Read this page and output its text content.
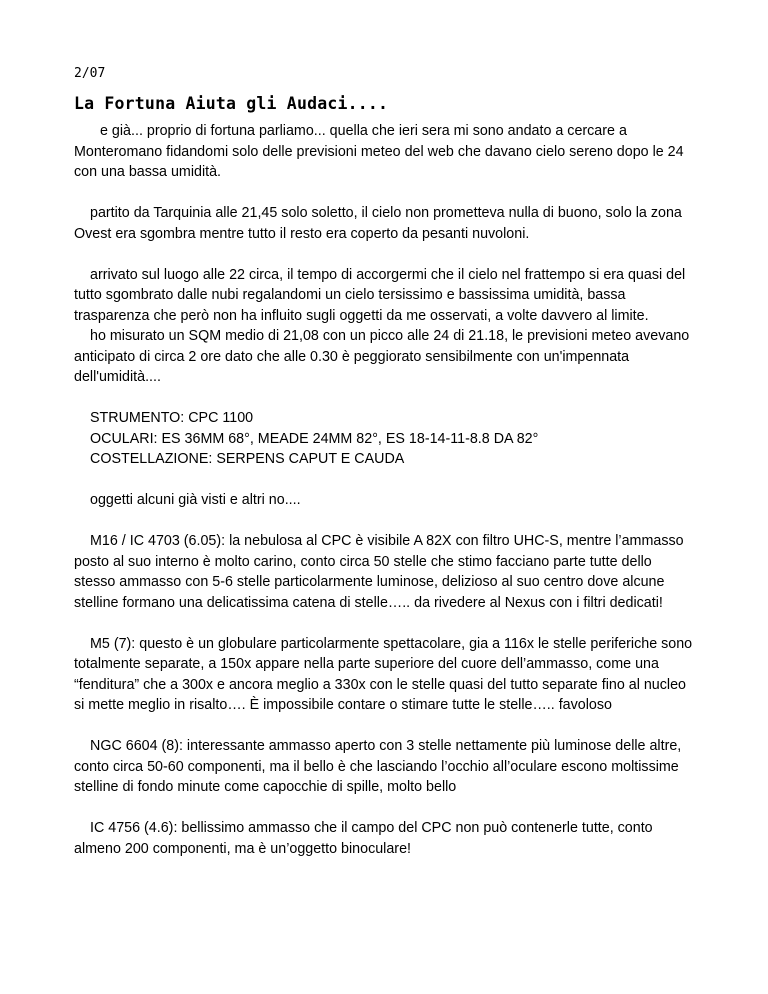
2/07
La Fortuna Aiuta gli Audaci....

e già... proprio di fortuna parliamo... quella che ieri sera mi sono andato a cercare a Monteromano fidandomi solo delle previsioni meteo del web che davano cielo sereno dopo le 24 con una bassa umidità.

partito da Tarquinia alle 21,45 solo soletto, il cielo non prometteva nulla di buono, solo la zona Ovest era sgombra mentre tutto il resto era coperto da pesanti nuvoloni.

arrivato sul luogo alle 22 circa, il tempo di accorgermi che il cielo nel frattempo si era quasi del tutto sgombrato dalle nubi regalandomi un cielo tersissimo e bassissima umidità, bassa trasparenza che però non ha influito sugli oggetti da me osservati, a volte davvero al limite.

ho misurato un SQM medio di 21,08 con un picco alle 24 di 21.18, le previsioni meteo avevano anticipato di circa 2 ore dato che alle 0.30 è peggiorato sensibilmente con un'impennata dell'umidità....

STRUMENTO: CPC 1100

OCULARI: ES 36MM 68°, MEADE 24MM 82°, ES 18-14-11-8.8 DA 82°

COSTELLAZIONE: SERPENS CAPUT E CAUDA

oggetti alcuni già visti e altri no....

M16 / IC 4703 (6.05): la nebulosa al CPC è visibile A 82X con filtro UHC-S, mentre l’ammasso posto al suo interno è molto carino, conto circa 50 stelle che stimo facciano parte tutte dello stesso ammasso con 5-6 stelle particolarmente luminose, delizioso al suo centro dove alcune stelline formano una delicatissima catena di stelle….. da rivedere al Nexus con i filtri dedicati!

M5 (7): questo è un globulare particolarmente spettacolare, gia a 116x le stelle periferiche sono totalmente separate, a 150x appare nella parte superiore del cuore dell’ammasso, come una “fenditura” che a 300x e ancora meglio a 330x con le stelle quasi del tutto separate fino al nucleo si mette meglio in risalto…. È impossibile contare o stimare tutte le stelle….. favoloso

NGC 6604 (8): interessante ammasso aperto con 3 stelle nettamente più luminose delle altre, conto circa 50-60 componenti, ma il bello è che lasciando l’occhio all’oculare escono moltissime stelline di fondo minute come capocchie di spille, molto bello

IC 4756 (4.6): bellissimo ammasso che il campo del CPC non può contenerle tutte, conto almeno 200 componenti, ma è un’oggetto binoculare!
